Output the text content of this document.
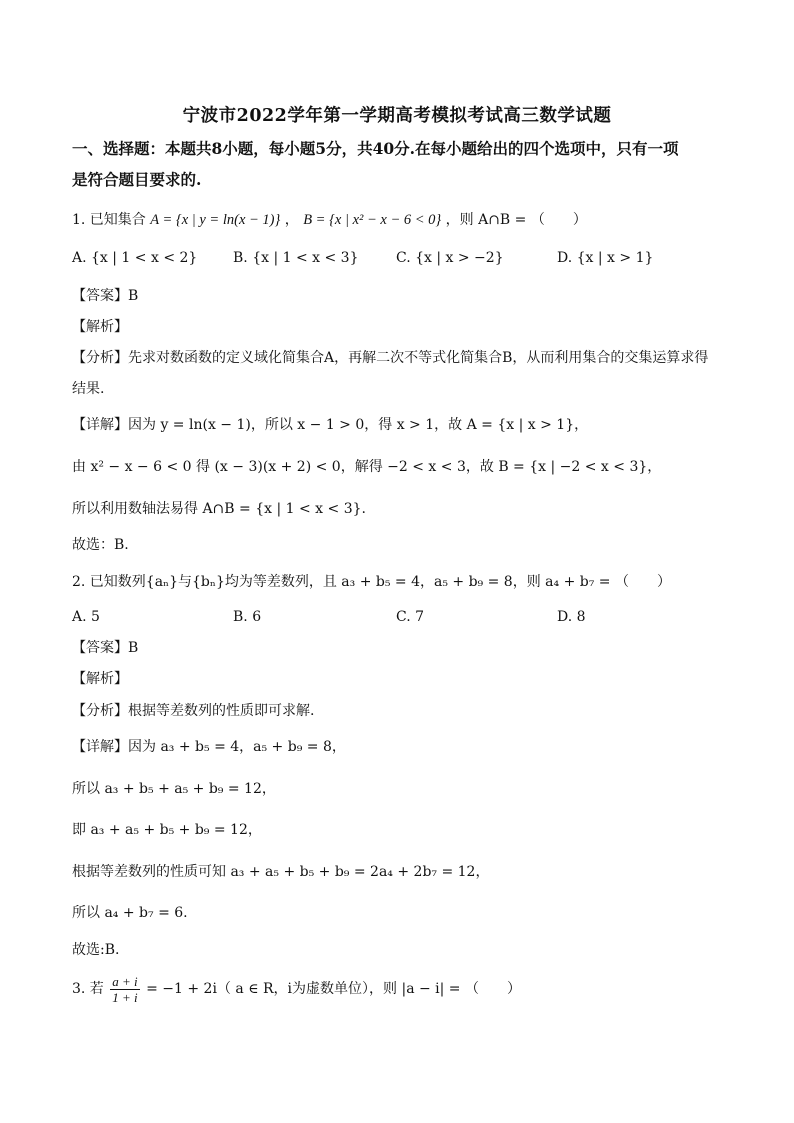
宁波市2022学年第一学期高考模拟考试高三数学试题
一、选择题：本题共8小题，每小题5分，共40分.在每小题给出的四个选项中，只有一项
是符合题目要求的.
1. 已知集合 A = {x | y = ln(x − 1)} ， B = {x | x² − x − 6 < 0} ，则 A∩B = （　　）
A. {x | 1 < x < 2}	B. {x | 1 < x < 3}	C. {x | x > −2}	D. {x | x > 1}
【答案】B
【解析】
【分析】先求对数函数的定义域化简集合A，再解二次不等式化简集合B，从而利用集合的交集运算求得
结果.
【详解】因为 y = ln(x − 1)，所以 x − 1 > 0，得 x > 1，故 A = {x | x > 1}，
由 x² − x − 6 < 0 得 (x − 3)(x + 2) < 0，解得 −2 < x < 3，故 B = {x | −2 < x < 3}，
所以利用数轴法易得 A∩B = {x | 1 < x < 3}.
故选：B.
2. 已知数列{aₙ}与{bₙ}均为等差数列，且 a₃ + b₅ = 4，a₅ + b₉ = 8，则 a₄ + b₇ = （　　）
A. 5	B. 6	C. 7	D. 8
【答案】B
【解析】
【分析】根据等差数列的性质即可求解.
【详解】因为 a₃ + b₅ = 4，a₅ + b₉ = 8，
所以 a₃ + b₅ + a₅ + b₉ = 12，
即 a₃ + a₅ + b₅ + b₉ = 12，
根据等差数列的性质可知 a₃ + a₅ + b₅ + b₉ = 2a₄ + 2b₇ = 12，
所以 a₄ + b₇ = 6.
故选:B.
3. 若 $\frac{a + i}{1 + i} = -1 + 2i$（ a ∈ R，i为虚数单位），则 |a − i| = （　　）
